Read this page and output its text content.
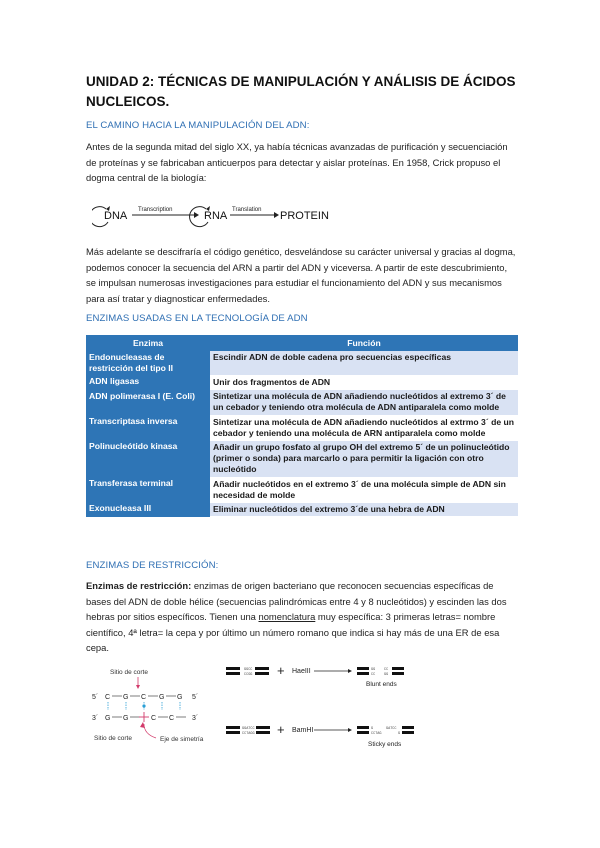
UNIDAD 2: TÉCNICAS DE MANIPULACIÓN Y ANÁLISIS DE ÁCIDOS NUCLEICOS.
EL CAMINO HACIA LA MANIPULACIÓN DEL ADN:
Antes de la segunda mitad del siglo XX, ya había técnicas avanzadas de purificación y secuenciación de proteínas y se fabricaban anticuerpos para detectar y aislar proteínas. En 1958, Crick propuso el dogma central de la biología:
DNA Transcription	RNA Translation PROTEIN
Más adelante se descifraría el código genético, desvelándose su carácter universal y gracias al dogma, podemos conocer la secuencia del ARN a partir del ADN y viceversa. A partir de este descubrimiento, se impulsan numerosas investigaciones para estudiar el funcionamiento del ADN y sus mecanismos para así tratar y diagnosticar enfermedades.
ENZIMAS USADAS EN LA TECNOLOGÍA DE ADN
Enzima	Función
Endonucleasas de restricción del tipo II	Escindir ADN de doble cadena pro secuencias específicas
ADN ligasas	Unir dos fragmentos de ADN
ADN polimerasa I (E. Coli)	Sintetizar una molécula de ADN añadiendo nucleótidos al extremo 3´ de un cebador y teniendo otra molécula de ADN antiparalela como molde
Transcriptasa inversa	Sintetizar una molécula de ADN añadiendo nucleótidos al extrmo 3´ de un cebador y teniendo una molécula de ARN antiparalela como molde
Polinucleótido kinasa	Añadir un grupo fosfato al grupo OH del extremo 5´ de un polinucleótido (primer o sonda) para marcarlo o para permitir la ligación con otro nucleótido
Transferasa terminal	Añadir nucleótidos en el extremo 3´ de una molécula simple de ADN sin necesidad de molde
Exonucleasa III	Eliminar nucleótidos del extremo 3´de una hebra de ADN
ENZIMAS DE RESTRICCIÓN:
Enzimas de restricción: enzimas de origen bacteriano que reconocen secuencias específicas de bases del ADN de doble hélice (secuencias palindrómicas entre 4 y 8 nucleótidos) y escinden las dos hebras por sitios específicos. Tienen una nomenclatura muy específica: 3 primeras letras= nombre científico, 4ª letra= la cepa y por último un número romano que indica si hay más de una ER de esa cepa.
Sitio de corte
5´ C G C G G 5´
3´ G G	C C	3´
Sitio de corte	Eje de simetría
GGCC
CCGG + HaeIII	GG
CC
CC
GG
Blunt ends
GGATCC
CCTAGG + BamHI	G
CCTAG
GATCC
G
Sticky ends
